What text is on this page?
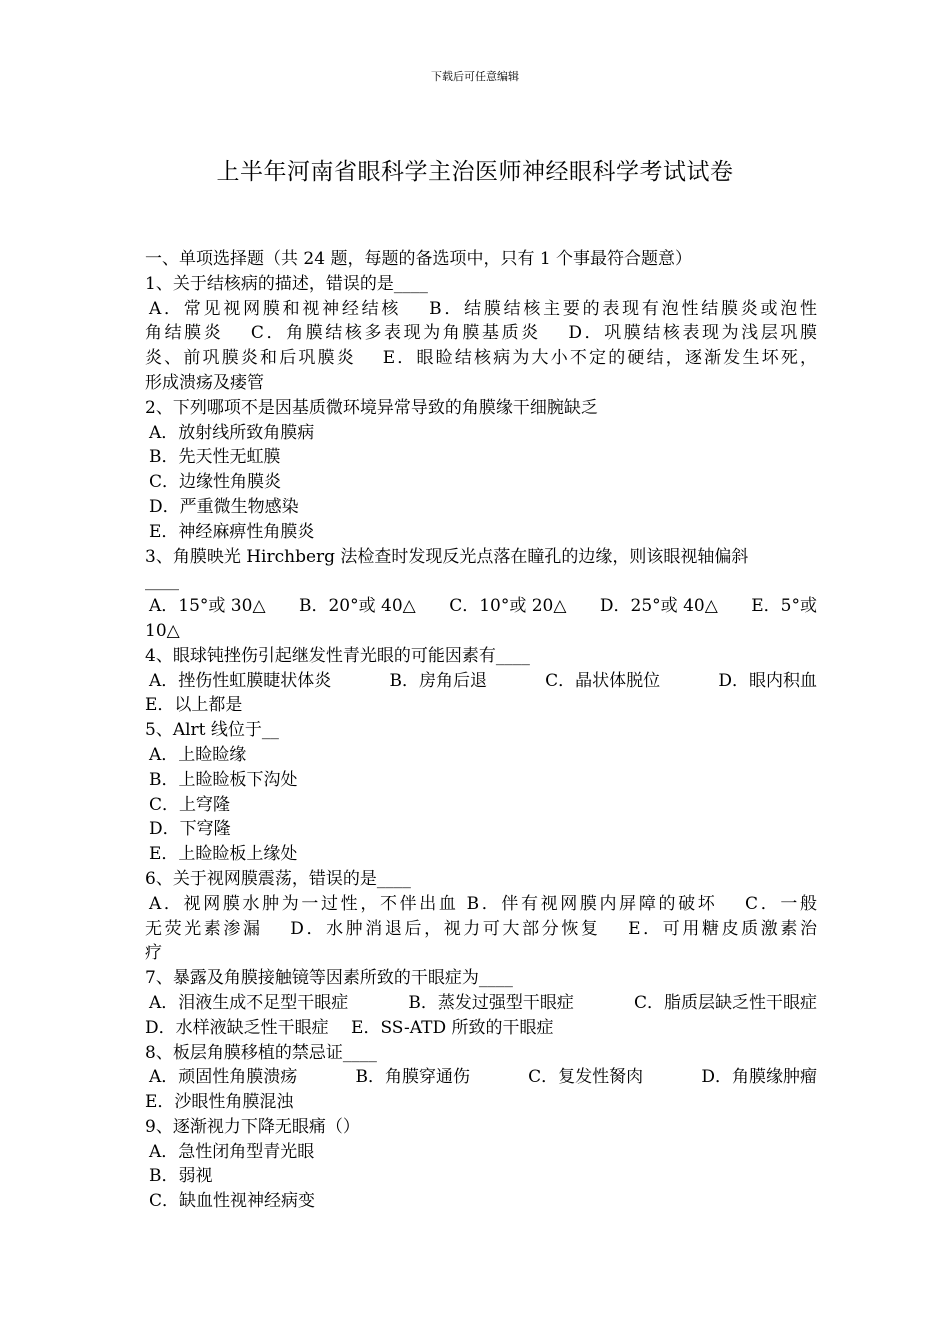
下载后可任意编辑
上半年河南省眼科学主治医师神经眼科学考试试卷
一、单项选择题（共 24 题，每题的备选项中，只有 1 个事最符合题意）
1、关于结核病的描述，错误的是____
A．常见视网膜和视神经结核　 B．结膜结核主要的表现有泡性结膜炎或泡性
角结膜炎　 C．角膜结核多表现为角膜基质炎　 D．巩膜结核表现为浅层巩膜
炎、前巩膜炎和后巩膜炎　 E．眼睑结核病为大小不定的硬结，逐渐发生坏死，
形成溃疡及瘘管
2、下列哪项不是因基质微环境异常导致的角膜缘干细腕缺乏
A．放射线所致角膜病
B．先天性无虹膜
C．边缘性角膜炎
D．严重微生物感染
E．神经麻痹性角膜炎
3、角膜映光 Hirchberg 法检查时发现反光点落在瞳孔的边缘，则该眼视轴偏斜
____
A．15°或 30△ B．20°或 40△ C．10°或 20△ D．25°或 40△ E．5°或
10△
4、眼球钝挫伤引起继发性青光眼的可能因素有____
A．挫伤性虹膜睫状体炎	B．房角后退	C．晶状体脱位	D．眼内积血
E．以上都是
5、Alrt 线位于__
A．上睑睑缘
B．上睑睑板下沟处
C．上穹隆
D．下穹隆
E．上睑睑板上缘处
6、关于视网膜震荡，错误的是____
A．视网膜水肿为一过性，不伴出血 B．伴有视网膜内屏障的破坏　 C．一般
无荧光素渗漏　 D．水肿消退后，视力可大部分恢复　 E．可用糖皮质激素治
疗
7、暴露及角膜接触镜等因素所致的干眼症为____
A．泪液生成不足型干眼症	B．蒸发过强型干眼症	C．脂质层缺乏性干眼症
D．水样液缺乏性干眼症　 E．SS-ATD 所致的干眼症
8、板层角膜移植的禁忌证____
A．顽固性角膜溃疡	B．角膜穿通伤	C．复发性胬肉	D．角膜缘肿瘤
E．沙眼性角膜混浊
9、逐渐视力下降无眼痛（）
A．急性闭角型青光眼
B．弱视
C．缺血性视神经病变
